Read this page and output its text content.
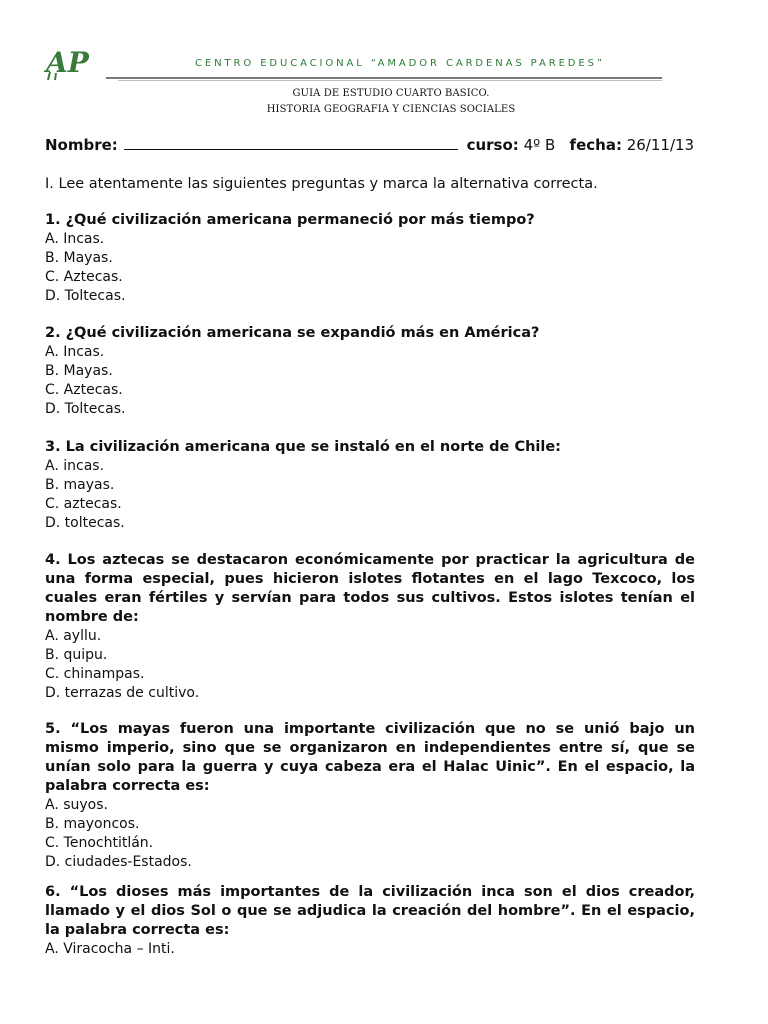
AP	CENTRO EDUCACIONAL “AMADOR CARDENAS PAREDES”
GUIA DE ESTUDIO CUARTO BASICO.
HISTORIA GEOGRAFIA Y CIENCIAS SOCIALES
Nombre:	curso: 4º B fecha: 26/11/13
I. Lee atentamente las siguientes preguntas y marca la alternativa correcta.
1. ¿Qué civilización americana permaneció por más tiempo?
A. Incas.
B. Mayas.
C. Aztecas.
D. Toltecas.
2. ¿Qué civilización americana se expandió más en América?
A. Incas.
B. Mayas.
C. Aztecas.
D. Toltecas.
3. La civilización americana que se instaló en el norte de Chile:
A. incas.
B. mayas.
C. aztecas.
D. toltecas.
4. Los aztecas se destacaron económicamente por practicar la agricultura de una forma especial, pues hicieron islotes flotantes en el lago Texcoco, los cuales eran fértiles y servían para todos sus cultivos. Estos islotes tenían el nombre de:
A. ayllu.
B. quipu.
C. chinampas.
D. terrazas de cultivo.
5. “Los mayas fueron una importante civilización que no se unió bajo un mismo imperio, sino que se organizaron en independientes entre sí, que se unían solo para la guerra y cuya cabeza era el Halac Uinic”. En el espacio, la palabra correcta es:
A. suyos.
B. mayoncos.
C. Tenochtitlán.
D. ciudades-Estados.
6. “Los dioses más importantes de la civilización inca son el dios creador, llamado y el dios Sol o que se adjudica la creación del hombre”. En el espacio, la palabra correcta es:
A. Viracocha – Inti.
